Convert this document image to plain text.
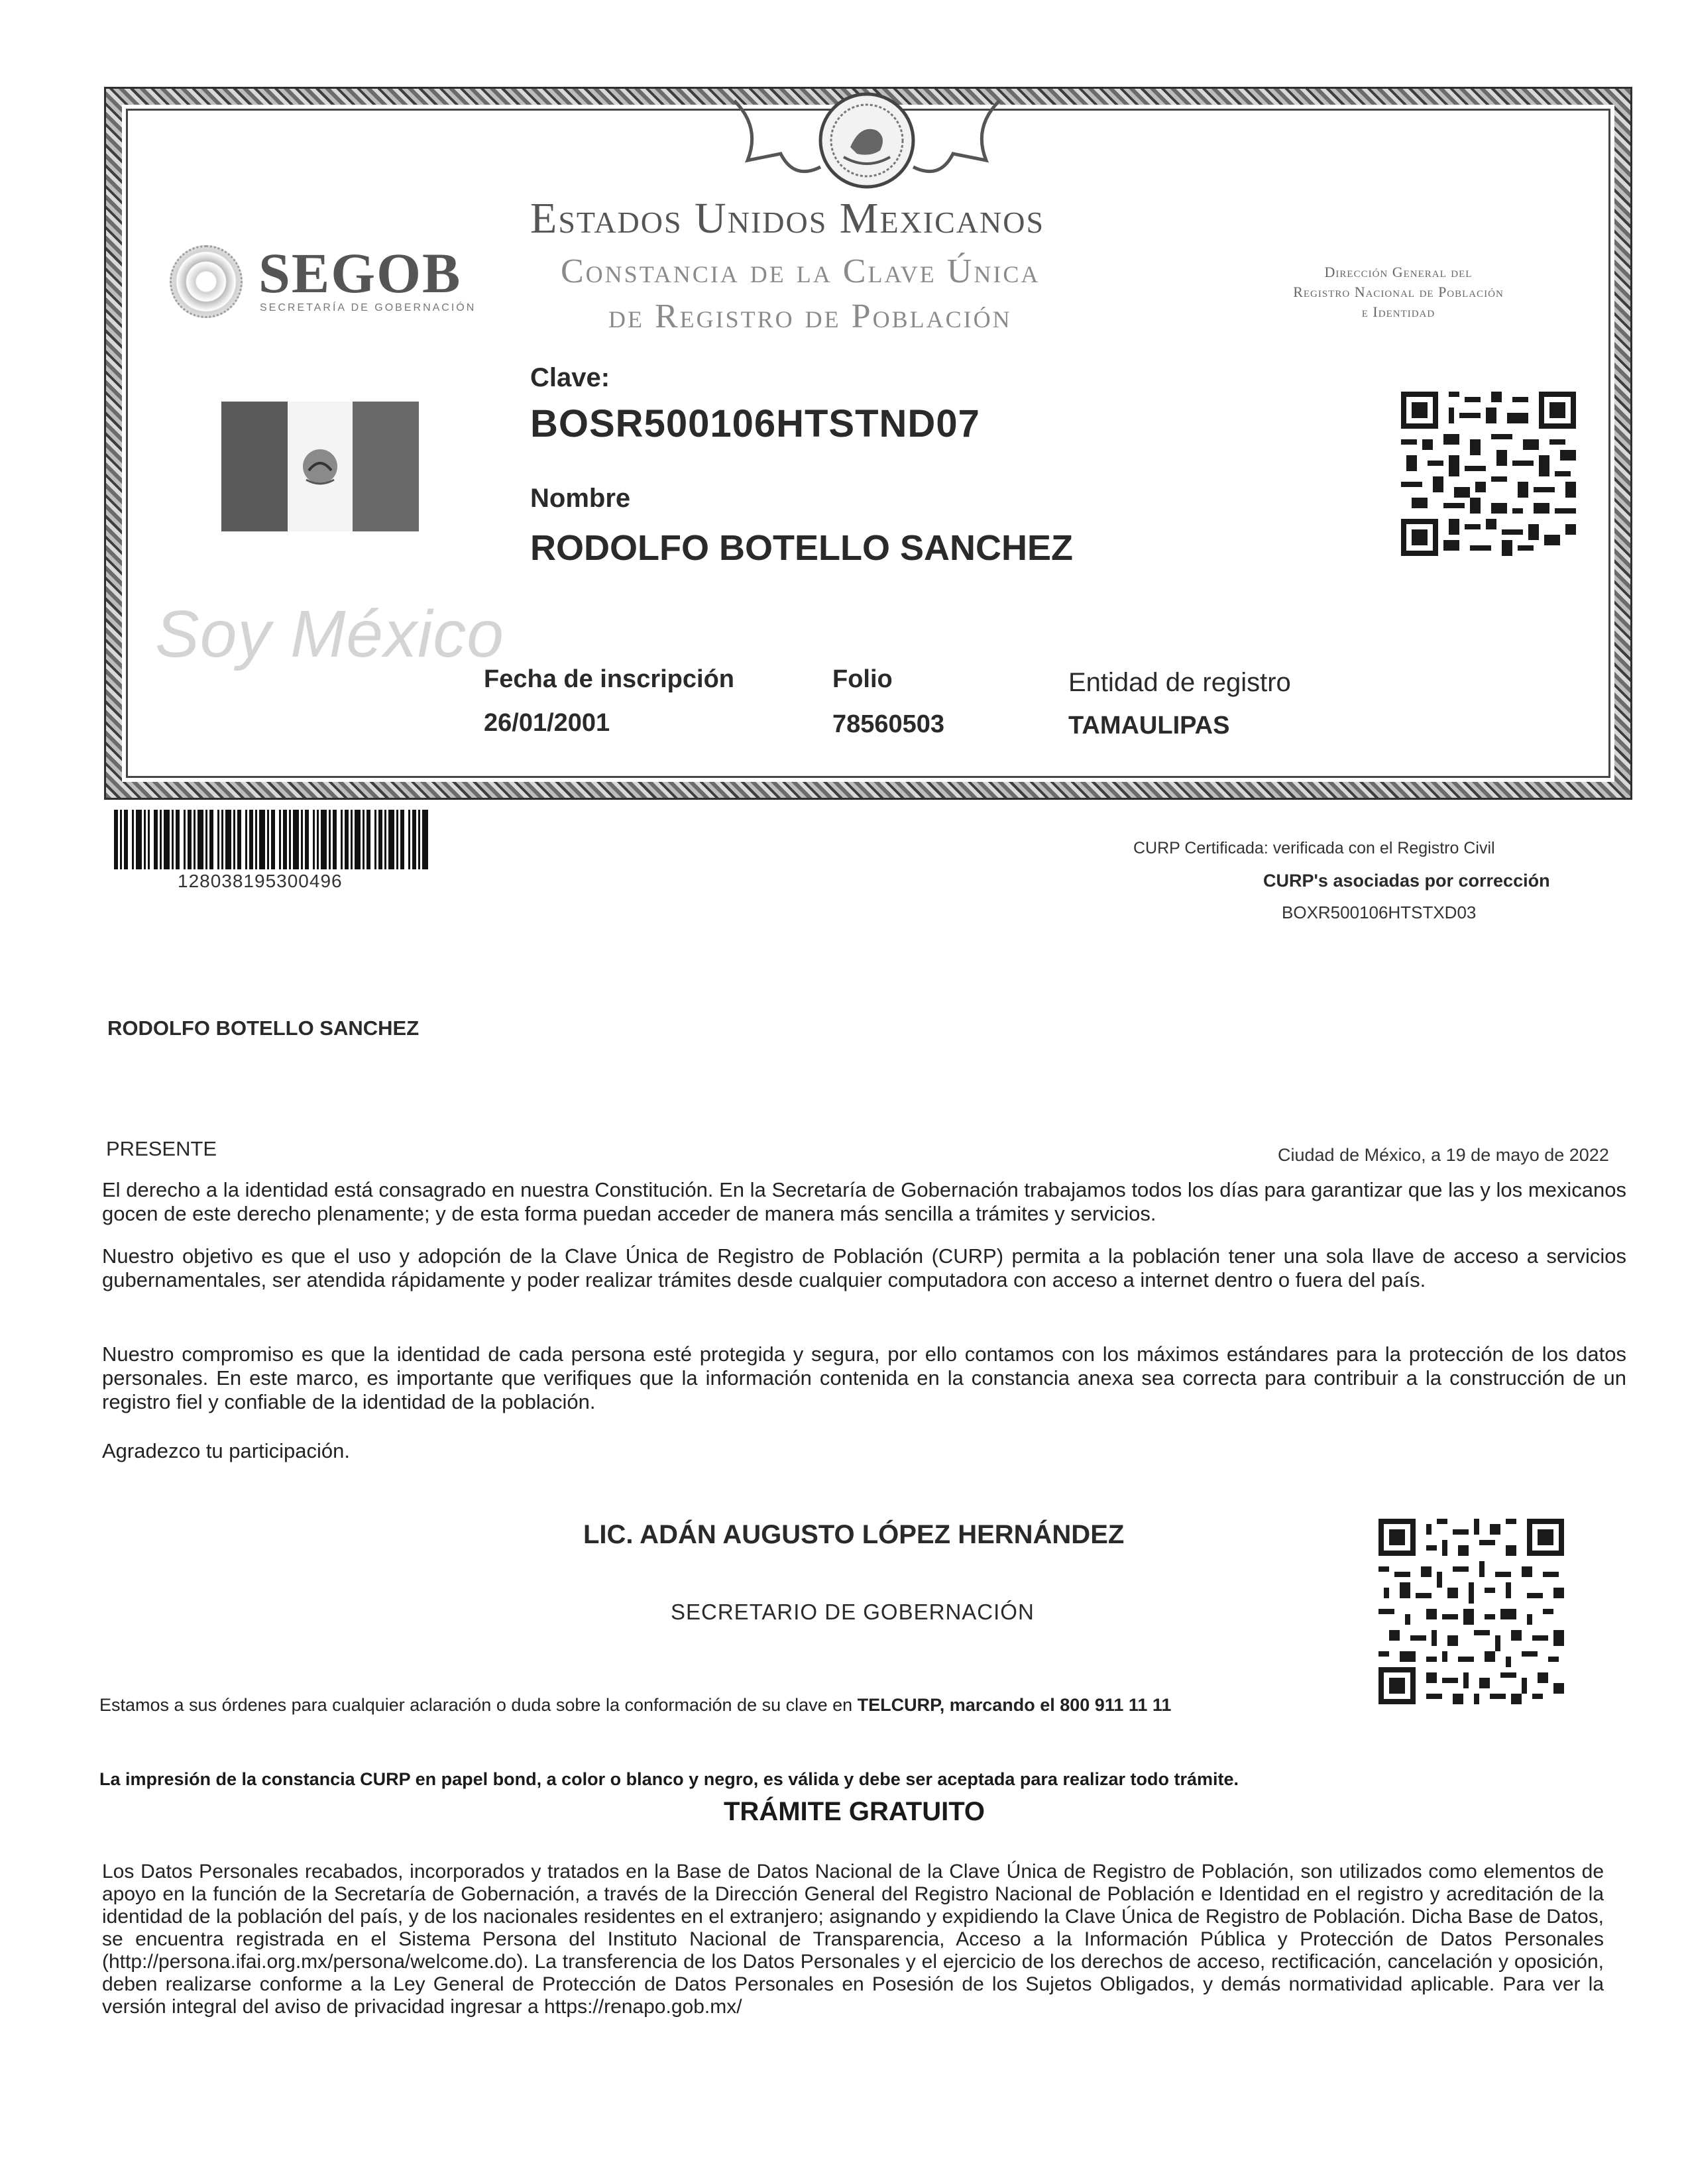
SEGOB
SECRETARÍA DE GOBERNACIÓN
Estados Unidos Mexicanos
Constancia de la Clave Única
de Registro de Población
Dirección General del
Registro Nacional de Población
e Identidad
Soy México
Clave:
BOSR500106HTSTND07
Nombre
RODOLFO BOTELLO SANCHEZ
Fecha de inscripción
26/01/2001
Folio
78560503
Entidad de registro
TAMAULIPAS
128038195300496
CURP Certificada: verificada con el Registro Civil
CURP's asociadas por corrección
BOXR500106HTSTXD03
RODOLFO BOTELLO SANCHEZ
PRESENTE	Ciudad de México, a 19 de mayo de 2022
El derecho a la identidad está consagrado en nuestra Constitución. En la Secretaría de Gobernación trabajamos todos los días para garantizar que las y los mexicanos gocen de este derecho plenamente; y de esta forma puedan acceder de manera más sencilla a trámites y servicios.
Nuestro objetivo es que el uso y adopción de la Clave Única de Registro de Población (CURP) permita a la población tener una sola llave de acceso a servicios gubernamentales, ser atendida rápidamente y poder realizar trámites desde cualquier computadora con acceso a internet dentro o fuera del país.
Nuestro compromiso es que la identidad de cada persona esté protegida y segura, por ello contamos con los máximos estándares para la protección de los datos personales. En este marco, es importante que verifiques que la información contenida en la constancia anexa sea correcta para contribuir a la construcción de un registro fiel y confiable de la identidad de la población.
Agradezco tu participación.
LIC. ADÁN AUGUSTO LÓPEZ HERNÁNDEZ
SECRETARIO DE GOBERNACIÓN
Estamos a sus órdenes para cualquier aclaración o duda sobre la conformación de su clave en TELCURP, marcando el 800 911 11 11
La impresión de la constancia CURP en papel bond, a color o blanco y negro, es válida y debe ser aceptada para realizar todo trámite.
TRÁMITE GRATUITO
Los Datos Personales recabados, incorporados y tratados en la Base de Datos Nacional de la Clave Única de Registro de Población, son utilizados como elementos de apoyo en la función de la Secretaría de Gobernación, a través de la Dirección General del Registro Nacional de Población e Identidad en el registro y acreditación de la identidad de la población del país, y de los nacionales residentes en el extranjero; asignando y expidiendo la Clave Única de Registro de Población. Dicha Base de Datos, se encuentra registrada en el Sistema Persona del Instituto Nacional de Transparencia, Acceso a la Información Pública y Protección de Datos Personales (http://persona.ifai.org.mx/persona/welcome.do). La transferencia de los Datos Personales y el ejercicio de los derechos de acceso, rectificación, cancelación y oposición, deben realizarse conforme a la Ley General de Protección de Datos Personales en Posesión de los Sujetos Obligados, y demás normatividad aplicable. Para ver la versión integral del aviso de privacidad ingresar a https://renapo.gob.mx/
